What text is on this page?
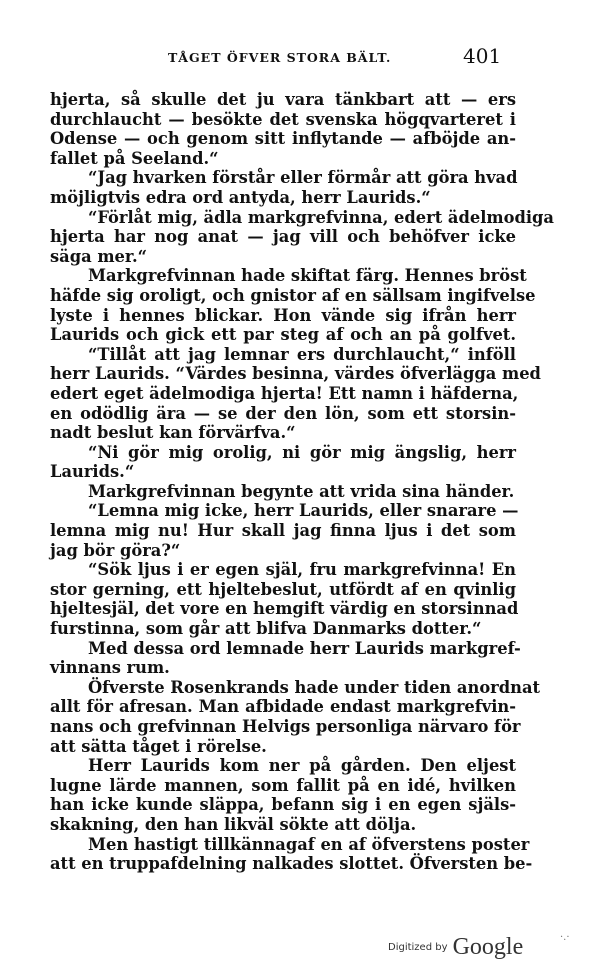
TÅGET ÖFVER STORA BÄLT.	401
hjerta, så skulle det ju vara tänkbart att — ers
durchlaucht — besökte det svenska högqvarteret i
Odense — och genom sitt inflytande — afböjde an-
fallet på Seeland.“
“Jag hvarken förstår eller förmår att göra hvad
möjligtvis edra ord antyda, herr Laurids.“
“Förlåt mig, ädla markgrefvinna, edert ädelmodiga
hjerta har nog anat — jag vill och behöfver icke
säga mer.“
Markgrefvinnan hade skiftat färg. Hennes bröst
häfde sig oroligt, och gnistor af en sällsam ingifvelse
lyste i hennes blickar. Hon vände sig ifrån herr
Laurids och gick ett par steg af och an på golfvet.
“Tillåt att jag lemnar ers durchlaucht,“ inföll
herr Laurids. “Värdes besinna, värdes öfverlägga med
edert eget ädelmodiga hjerta! Ett namn i häfderna,
en odödlig ära — se der den lön, som ett storsin-
nadt beslut kan förvärfva.“
“Ni gör mig orolig, ni gör mig ängslig, herr
Laurids.“
Markgrefvinnan begynte att vrida sina händer.
“Lemna mig icke, herr Laurids, eller snarare —
lemna mig nu! Hur skall jag finna ljus i det som
jag bör göra?“
“Sök ljus i er egen själ, fru markgrefvinna! En
stor gerning, ett hjeltebeslut, utfördt af en qvinlig
hjeltesjäl, det vore en hemgift värdig en storsinnad
furstinna, som går att blifva Danmarks dotter.“
Med dessa ord lemnade herr Laurids markgref-
vinnans rum.
Öfverste Rosenkrands hade under tiden anordnat
allt för afresan. Man afbidade endast markgrefvin-
nans och grefvinnan Helvigs personliga närvaro för
att sätta tåget i rörelse.
Herr Laurids kom ner på gården. Den eljest
lugne lärde mannen, som fallit på en idé, hvilken
han icke kunde släppa, befann sig i en egen själs-
skakning, den han likväl sökte att dölja.
Men hastigt tillkännagaf en af öfverstens poster
att en truppafdelning nalkades slottet. Öfversten be-
Digitized by Google	·.·
